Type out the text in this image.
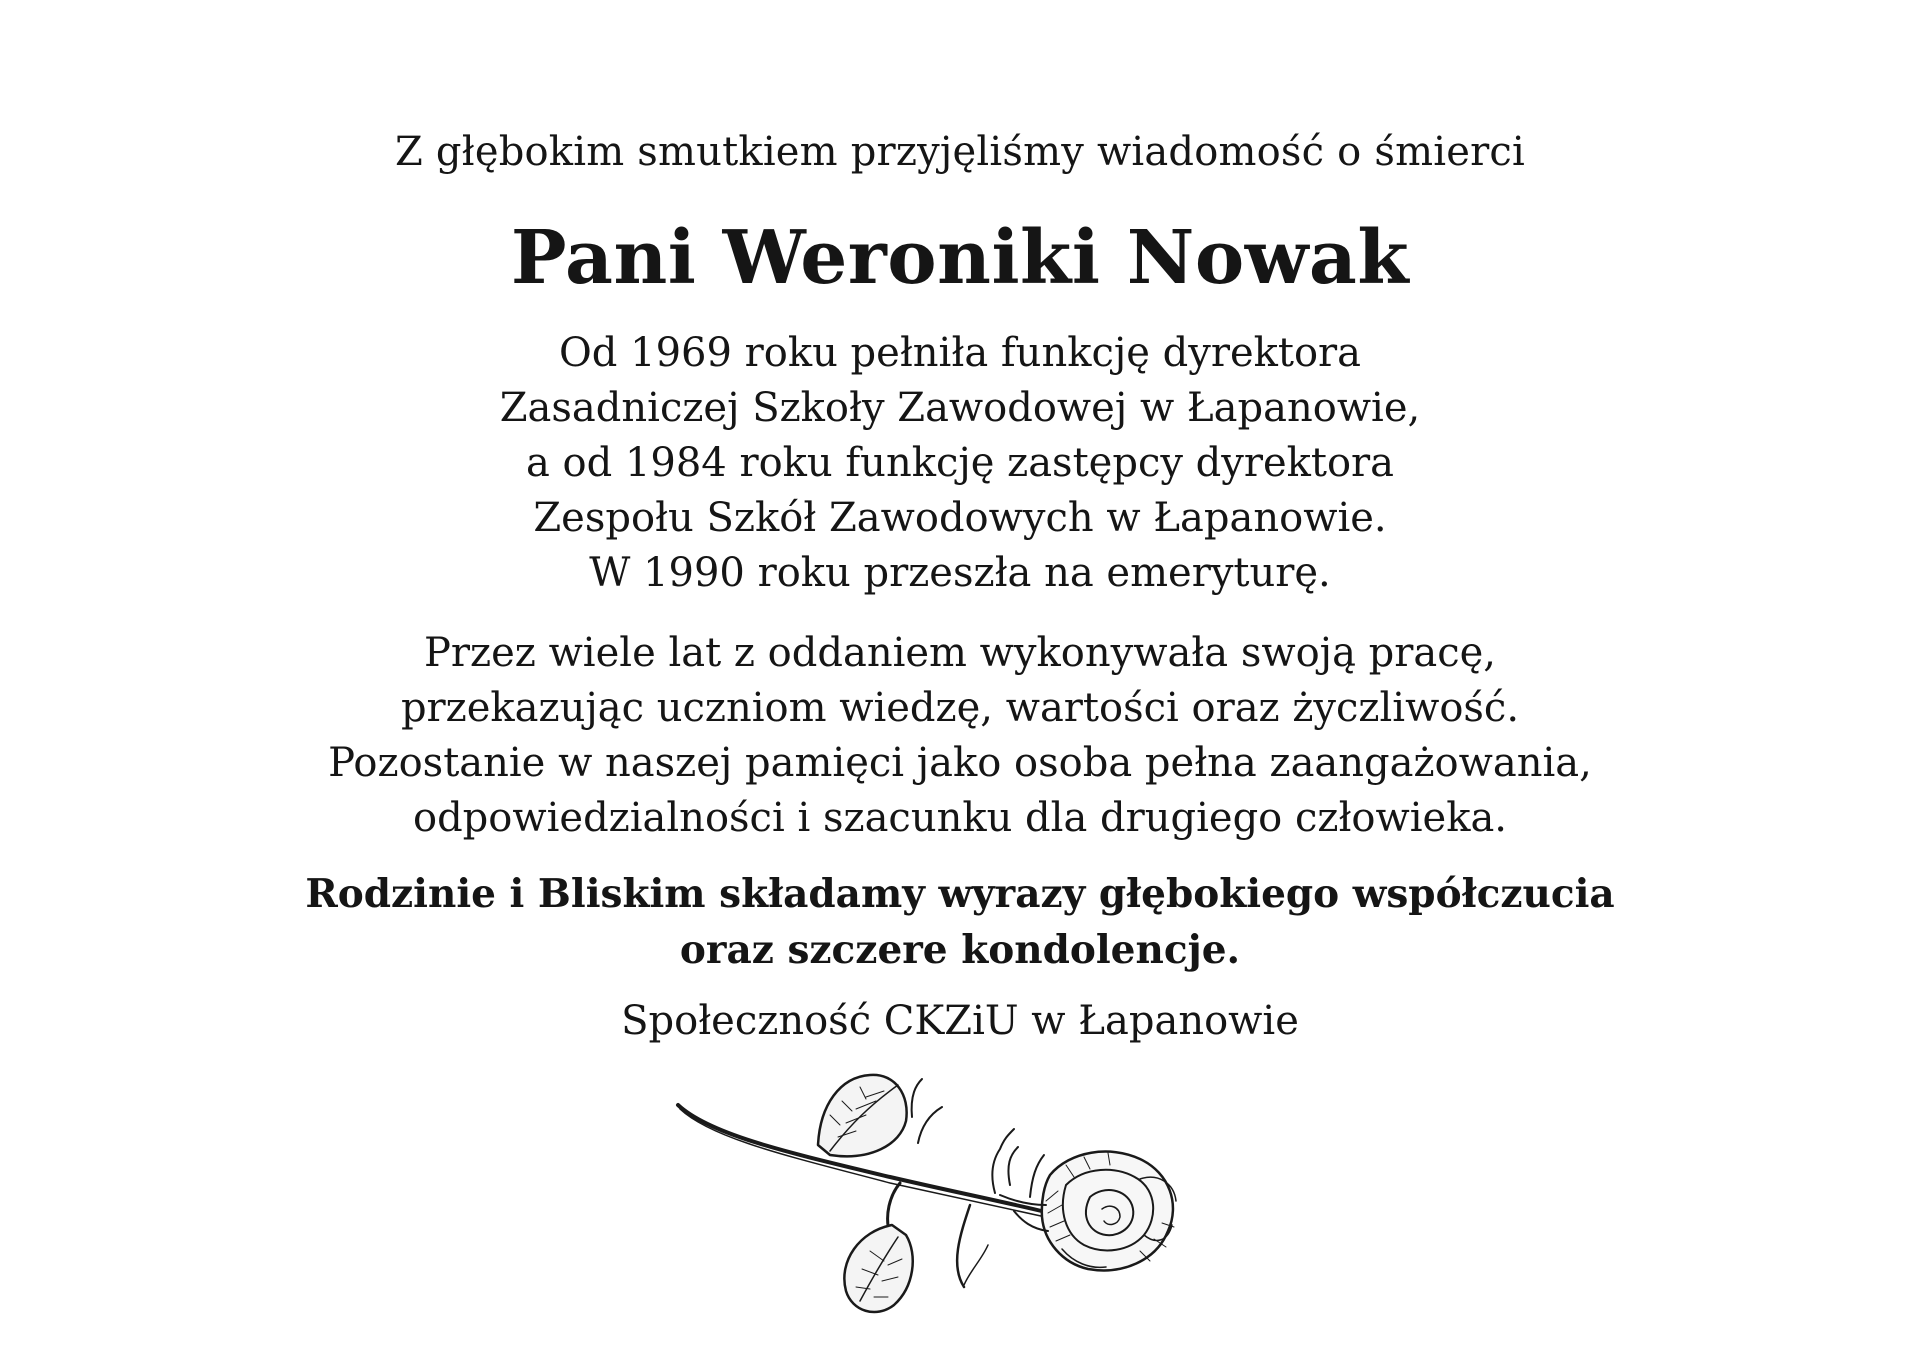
Z głębokim smutkiem przyjęliśmy wiadomość o śmierci
Pani Weroniki Nowak
Od 1969 roku pełniła funkcję dyrektora
Zasadniczej Szkoły Zawodowej w Łapanowie,
a od 1984 roku funkcję zastępcy dyrektora
Zespołu Szkół Zawodowych w Łapanowie.
W 1990 roku przeszła na emeryturę.
Przez wiele lat z oddaniem wykonywała swoją pracę,
przekazując uczniom wiedzę, wartości oraz życzliwość.
Pozostanie w naszej pamięci jako osoba pełna zaangażowania,
odpowiedzialności i szacunku dla drugiego człowieka.
Rodzinie i Bliskim składamy wyrazy głębokiego współczucia
oraz szczere kondolencje.
Społeczność CKZiU w Łapanowie
